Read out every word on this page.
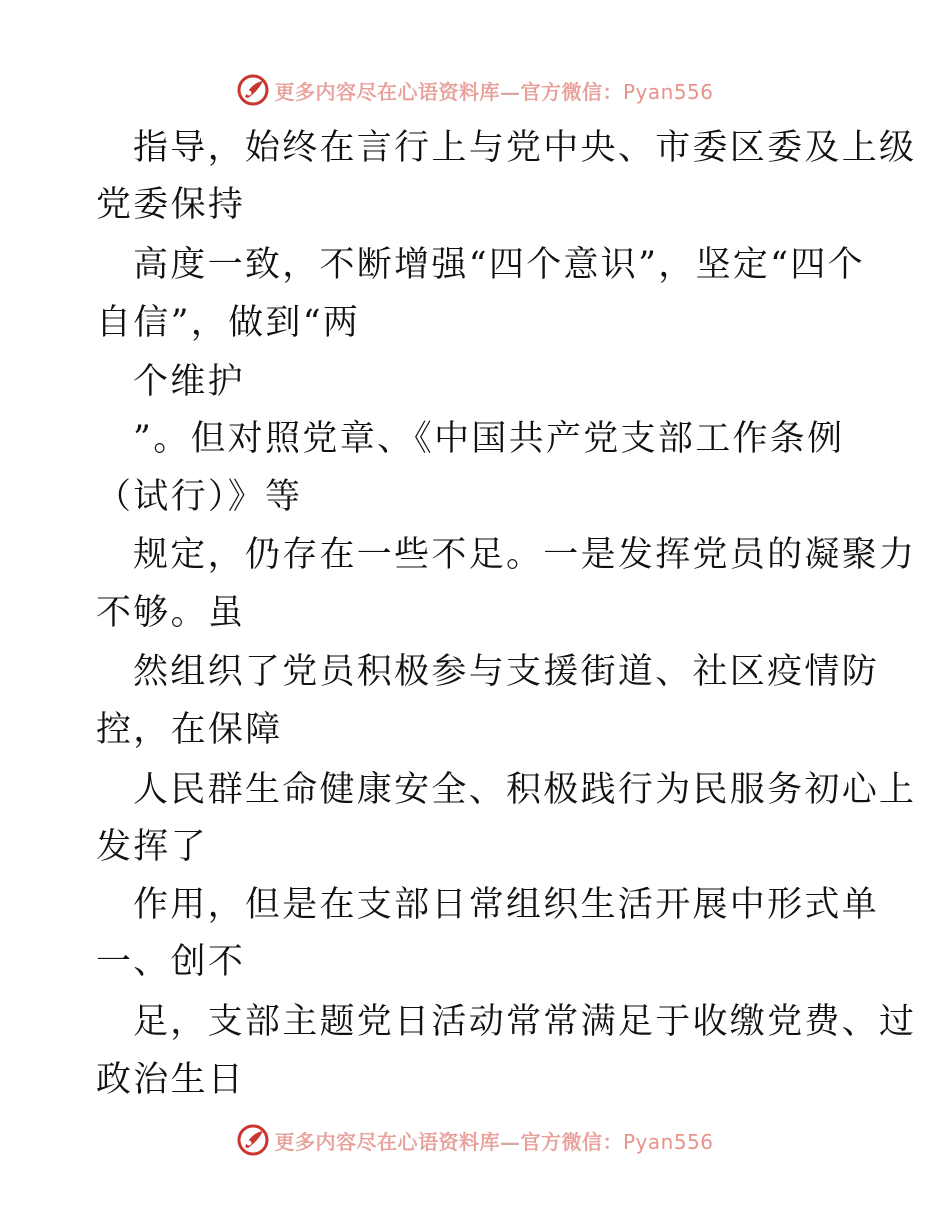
更多内容尽在心语资料库—官方微信：Pyan556
指导，始终在言行上与党中央、市委区委及上级
党委保持
高度一致，不断增强“四个意识”，坚定“四个
自信”，做到“两
个维护
”。但对照党章、《中国共产党支部工作条例
（试行）》等
规定，仍存在一些不足。一是发挥党员的凝聚力
不够。虽
然组织了党员积极参与支援街道、社区疫情防
控，在保障
人民群生命健康安全、积极践行为民服务初心上
发挥了
作用，但是在支部日常组织生活开展中形式单
一、创不
足，支部主题党日活动常常满足于收缴党费、过
政治生日
更多内容尽在心语资料库—官方微信：Pyan556
